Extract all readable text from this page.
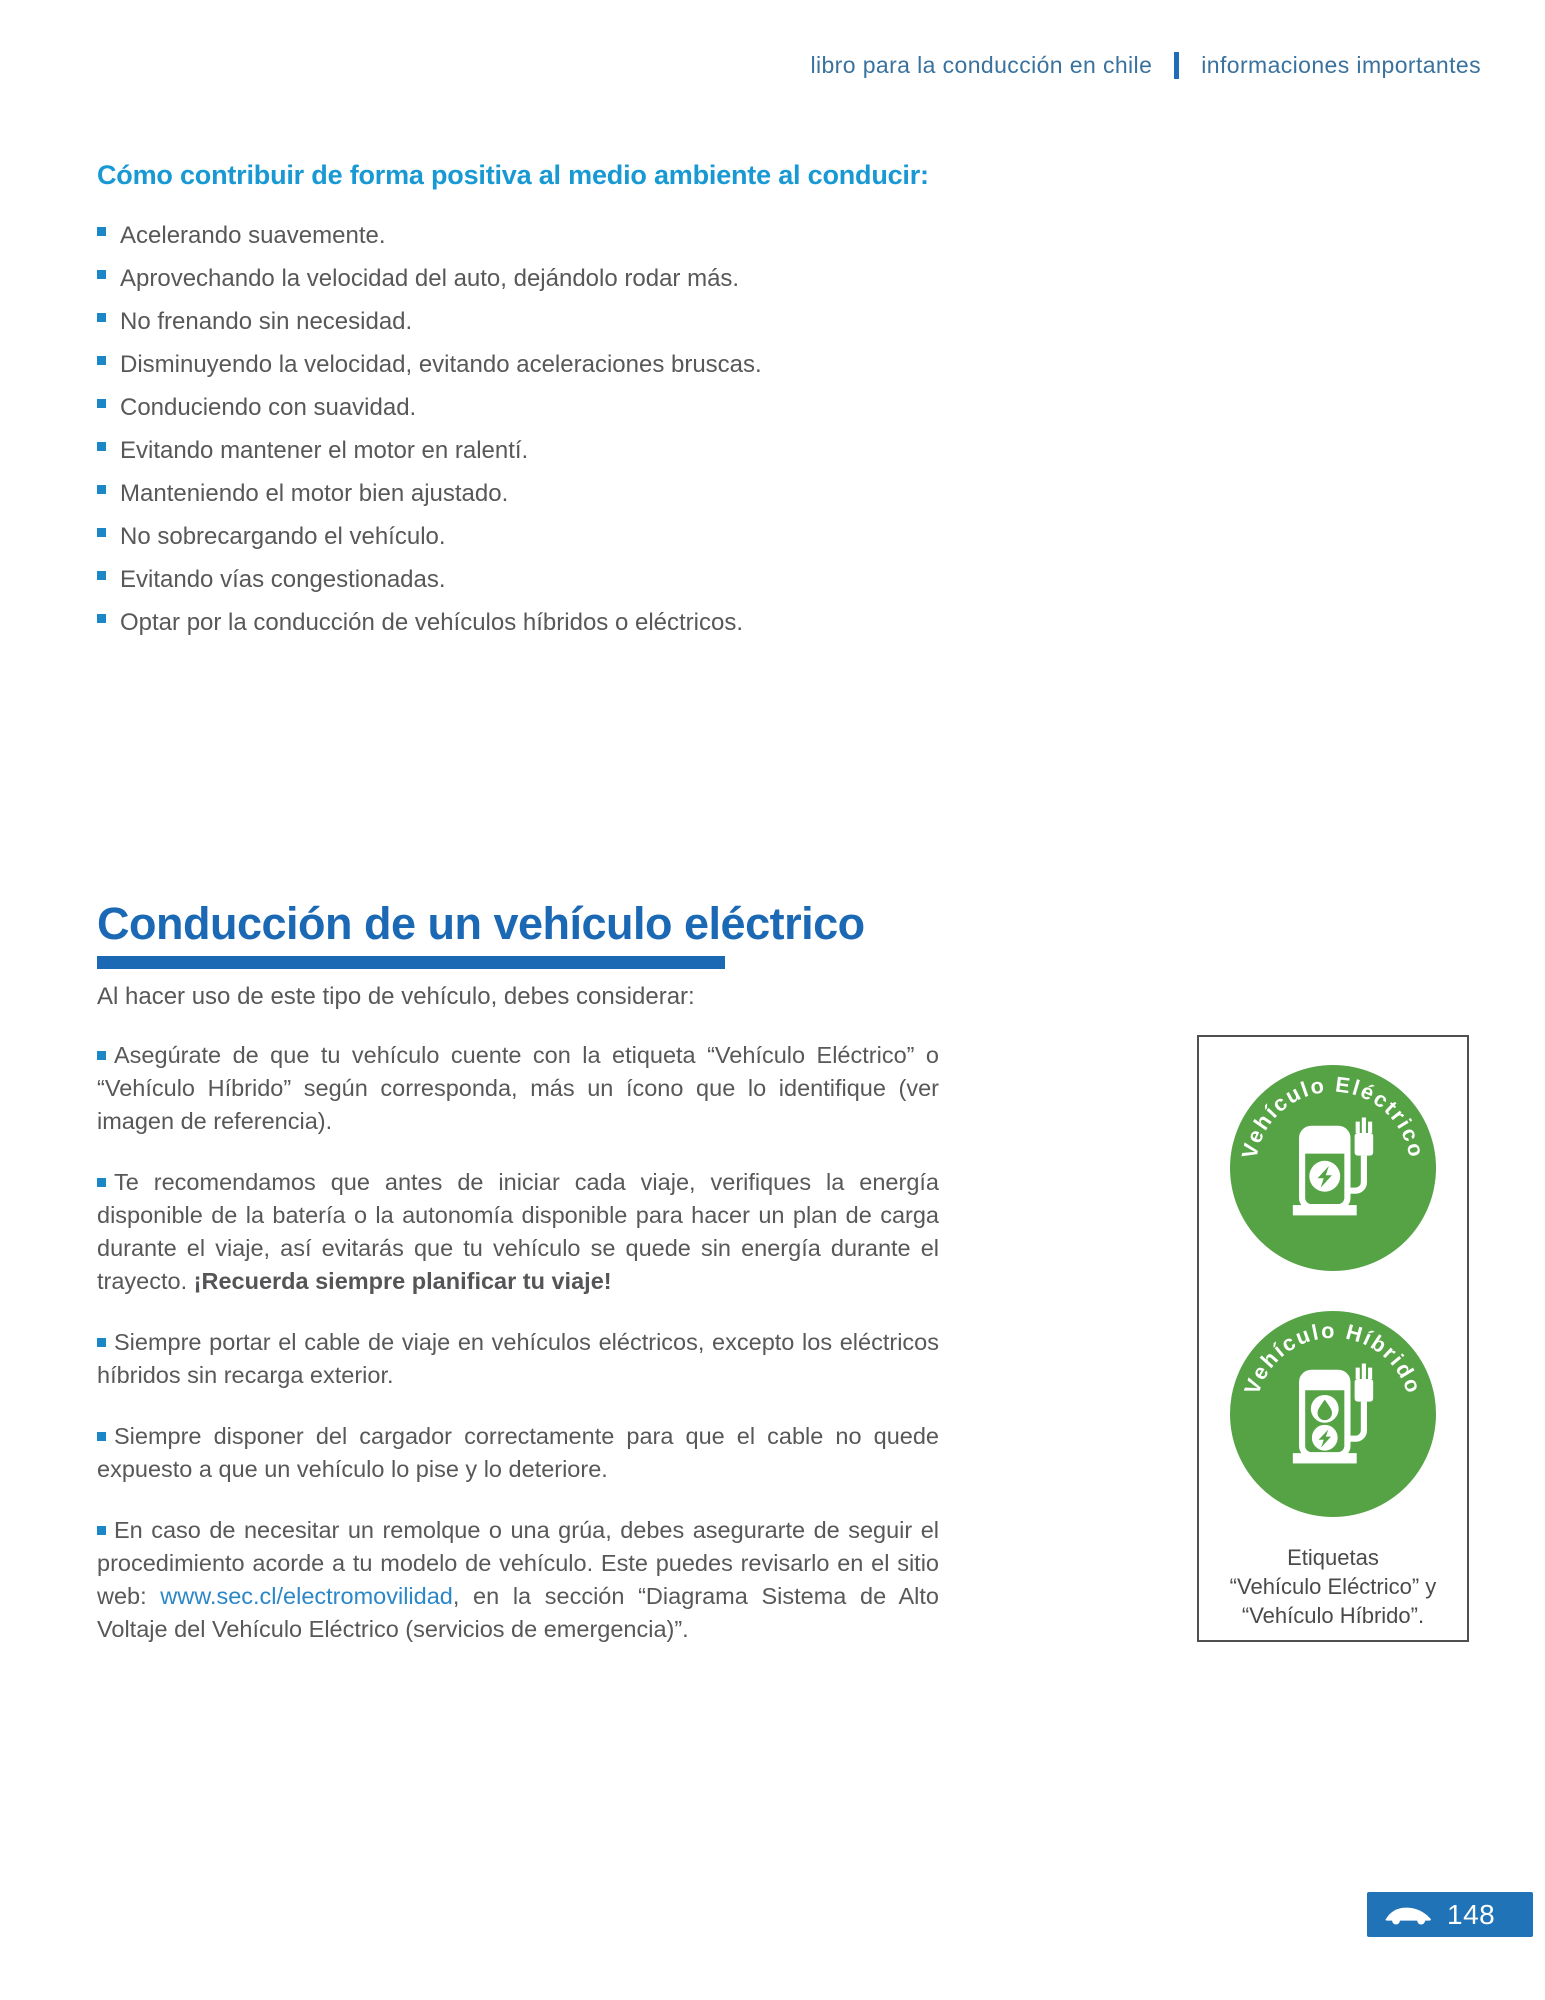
libro para la conducción en chile informaciones importantes
Cómo contribuir de forma positiva al medio ambiente al conducir:
Acelerando suavemente.
Aprovechando la velocidad del auto, dejándolo rodar más.
No frenando sin necesidad.
Disminuyendo la velocidad, evitando aceleraciones bruscas.
Conduciendo con suavidad.
Evitando mantener el motor en ralentí.
Manteniendo el motor bien ajustado.
No sobrecargando el vehículo.
Evitando vías congestionadas.
Optar por la conducción de vehículos híbridos o eléctricos.
Conducción de un vehículo eléctrico
Al hacer uso de este tipo de vehículo, debes considerar:

Asegúrate de que tu vehículo cuente con la etiqueta “Vehículo Eléctrico” o “Vehículo Híbrido” según corresponda, más un ícono que lo identifique (ver imagen de referencia).

Te recomendamos que antes de iniciar cada viaje, verifiques la energía disponible de la batería o la autonomía disponible para hacer un plan de carga durante el viaje, así evitarás que tu vehículo se quede sin energía durante el trayecto. ¡Recuerda siempre planificar tu viaje!

Siempre portar el cable de viaje en vehículos eléctricos, excepto los eléctricos híbridos sin recarga exterior.

Siempre disponer del cargador correctamente para que el cable no quede expuesto a que un vehículo lo pise y lo deteriore.

En caso de necesitar un remolque o una grúa, debes asegurarte de seguir el procedimiento acorde a tu modelo de vehículo. Este puedes revisarlo en el sitio web: www.sec.cl/electromovilidad, en la sección “Diagrama Sistema de Alto Voltaje del Vehículo Eléctrico (servicios de emergencia)”.

Vehículo Eléctrico
Vehículo Híbrido
Etiquetas
“Vehículo Eléctrico” y
“Vehículo Híbrido”.
148
